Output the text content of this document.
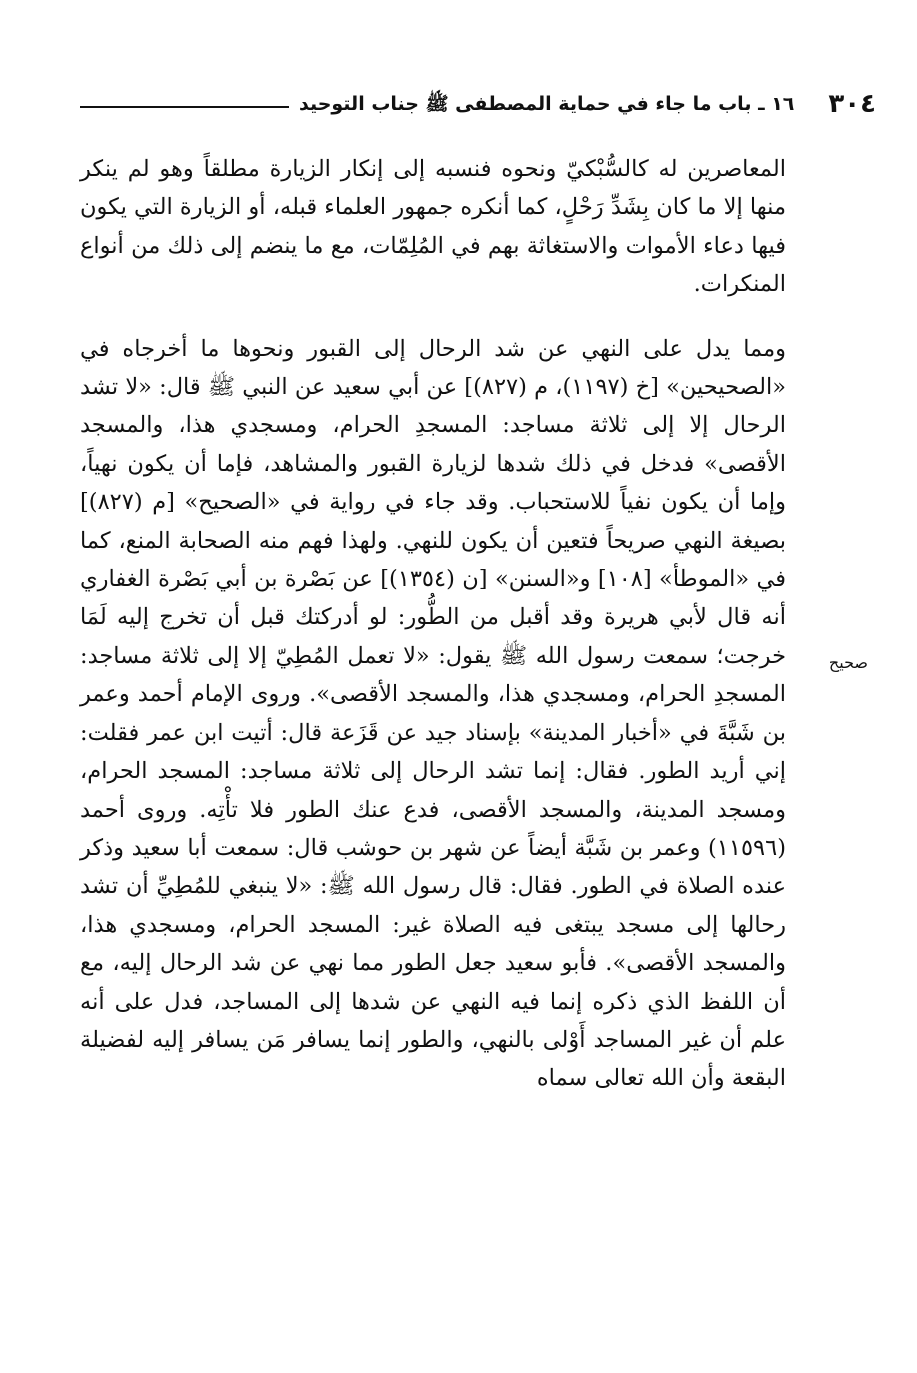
٣٠٤
١٦ ـ باب ما جاء في حماية المصطفى ﷺ جناب التوحيد

المعاصرين له كالسُّبْكيّ ونحوه فنسبه إلى إنكار الزيارة مطلقاً وهو لم ينكر منها إلا ما كان بِشَدِّ رَحْلٍ، كما أنكره جمهور العلماء قبله، أو الزيارة التي يكون فيها دعاء الأموات والاستغاثة بهم في المُلِمّات، مع ما ينضم إلى ذلك من أنواع المنكرات.

ومما يدل على النهي عن شد الرحال إلى القبور ونحوها ما أخرجاه في «الصحيحين» [خ (١١٩٧)، م (٨٢٧)] عن أبي سعيد عن النبي ﷺ قال: «لا تشد الرحال إلا إلى ثلاثة مساجد: المسجدِ الحرام، ومسجدي هذا، والمسجد الأقصى» فدخل في ذلك شدها لزيارة القبور والمشاهد، فإما أن يكون نهياً، وإما أن يكون نفياً للاستحباب. وقد جاء في رواية في «الصحيح» [م (٨٢٧)] بصيغة النهي صريحاً فتعين أن يكون للنهي. ولهذا فهم منه الصحابة المنع، كما في «الموطأ» [١٠٨] و«السنن» [ن (١٣٥٤)] عن بَصْرة بن أبي بَصْرة الغفاري أنه قال لأبي هريرة وقد أقبل من الطُّور: لو أدركتك قبل أن تخرج إليه لَمَا خرجت؛ سمعت رسول الله ﷺ يقول: «لا تعمل المُطِيّ إلا إلى ثلاثة مساجد: المسجدِ الحرام، ومسجدي هذا، والمسجد الأقصى». وروى الإمام أحمد وعمر بن شَبَّةَ في «أخبار المدينة» بإسناد جيد عن قَزَعة قال: أتيت ابن عمر فقلت: إني أريد الطور. فقال: إنما تشد الرحال إلى ثلاثة مساجد: المسجد الحرام، ومسجد المدينة، والمسجد الأقصى، فدع عنك الطور فلا تأْتِه. وروى أحمد (١١٥٩٦) وعمر بن شَبَّة أيضاً عن شهر بن حوشب قال: سمعت أبا سعيد وذكر عنده الصلاة في الطور. فقال: قال رسول الله ﷺ: «لا ينبغي للمُطِيِّ أن تشد رحالها إلى مسجد يبتغى فيه الصلاة غير: المسجد الحرام، ومسجدي هذا، والمسجد الأقصى». فأبو سعيد جعل الطور مما نهي عن شد الرحال إليه، مع أن اللفظ الذي ذكره إنما فيه النهي عن شدها إلى المساجد، فدل على أنه علم أن غير المساجد أَوْلى بالنهي، والطور إنما يسافر مَن يسافر إليه لفضيلة البقعة وأن الله تعالى سماه

صحيح
